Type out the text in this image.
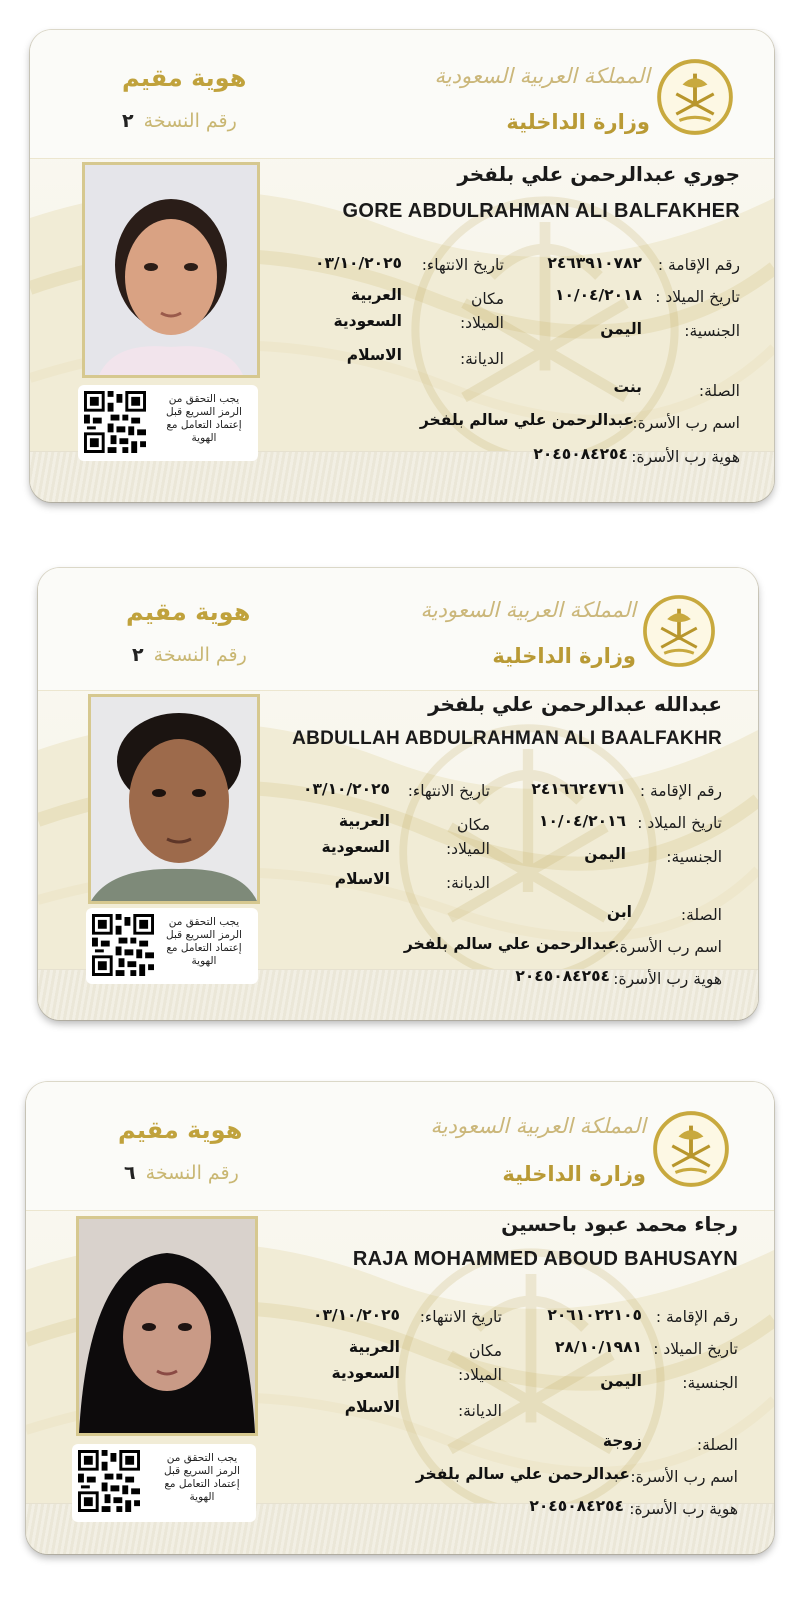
هوية مقيم
رقم النسخة ٢
المملكة العربية السعودية
وزارة الداخلية
يجب التحقق من الرمز السريع قبل إعتماد التعامل مع الهوية
جوري عبدالرحمن علي بلفخر
GORE ABDULRAHMAN ALI BALFAKHER
رقم الإقامة :
٢٤٦٣٩١٠٧٨٢
تاريخ الميلاد :
١٠/٠٤/٢٠١٨
الجنسية:
اليمن
تاريخ الانتهاء:
٠٣/١٠/٢٠٢٥
مكان
الميلاد:
العربية
السعودية
الديانة:
الاسلام
الصلة:
بنت
اسم رب الأسرة:
عبدالرحمن علي سالم بلفخر
هوية رب الأسرة:
٢٠٤٥٠٨٤٢٥٤
هوية مقيم
رقم النسخة ٢
المملكة العربية السعودية
وزارة الداخلية
يجب التحقق من الرمز السريع قبل إعتماد التعامل مع الهوية
عبدالله عبدالرحمن علي بلفخر
ABDULLAH ABDULRAHMAN ALI BAALFAKHR
رقم الإقامة :
٢٤١٦٦٢٤٧٦١
تاريخ الميلاد :
١٠/٠٤/٢٠١٦
الجنسية:
اليمن
تاريخ الانتهاء:
٠٣/١٠/٢٠٢٥
مكان
الميلاد:
العربية
السعودية
الديانة:
الاسلام
الصلة:
ابن
اسم رب الأسرة:
عبدالرحمن علي سالم بلفخر
هوية رب الأسرة:
٢٠٤٥٠٨٤٢٥٤
هوية مقيم
رقم النسخة ٦
المملكة العربية السعودية
وزارة الداخلية
يجب التحقق من الرمز السريع قبل إعتماد التعامل مع الهوية
رجاء محمد عبود باحسين
RAJA MOHAMMED ABOUD BAHUSAYN
رقم الإقامة :
٢٠٦١٠٢٢١٠٥
تاريخ الميلاد :
٢٨/١٠/١٩٨١
الجنسية:
اليمن
تاريخ الانتهاء:
٠٣/١٠/٢٠٢٥
مكان
الميلاد:
العربية
السعودية
الديانة:
الاسلام
الصلة:
زوجة
اسم رب الأسرة:
عبدالرحمن علي سالم بلفخر
هوية رب الأسرة:
٢٠٤٥٠٨٤٢٥٤
